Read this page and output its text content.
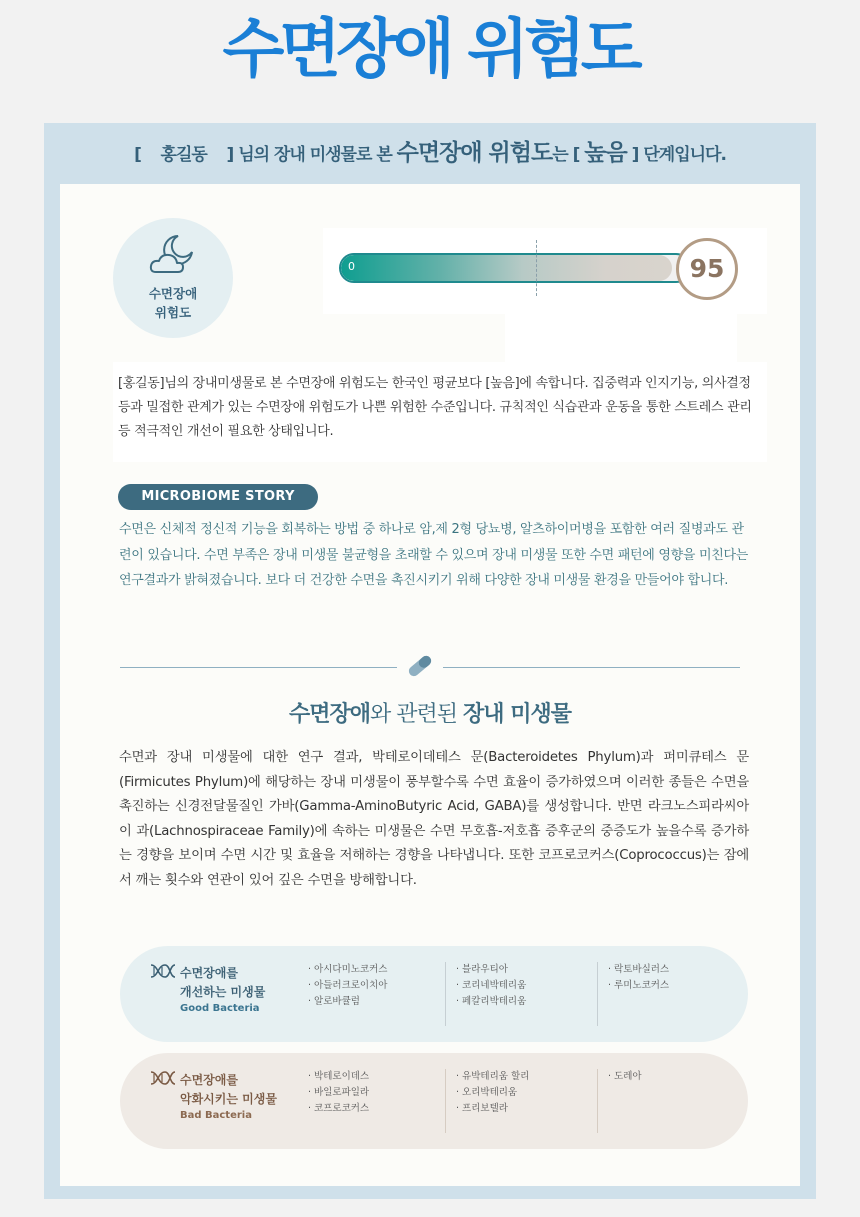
수면장애 위험도
[ 홍길동 ] 님의 장내 미생물로 본 수면장애 위험도는 [ 높음 ] 단계입니다.
수면장애
위험도
0	95
[홍길동]님의 장내미생물로 본 수면장애 위험도는 한국인 평균보다 [높음]에 속합니다. 집중력과 인지기능, 의사결정 등과 밀접한 관계가 있는 수면장애 위험도가 나쁜 위험한 수준입니다. 규칙적인 식습관과 운동을 통한 스트레스 관리 등 적극적인 개선이 필요한 상태입니다.
MICROBIOME STORY
수면은 신체적 정신적 기능을 회복하는 방법 중 하나로 암,제 2형 당뇨병, 알츠하이머병을 포함한 여러 질병과도 관련이 있습니다. 수면 부족은 장내 미생물 불균형을 초래할 수 있으며 장내 미생물 또한 수면 패턴에 영향을 미친다는 연구결과가 밝혀졌습니다. 보다 더 건강한 수면을 촉진시키기 위해 다양한 장내 미생물 환경을 만들어야 합니다.
수면장애와 관련된 장내 미생물
수면과 장내 미생물에 대한 연구 결과, 박테로이데테스 문(Bacteroidetes Phylum)과 퍼미큐테스 문(Firmicutes Phylum)에 해당하는 장내 미생물이 풍부할수록 수면 효율이 증가하였으며 이러한 종들은 수면을 촉진하는 신경전달물질인 가바(Gamma-AminoButyric Acid, GABA)를 생성합니다. 반면 라크노스피라씨아이 과(Lachnospiraceae Family)에 속하는 미생물은 수면 무호흡-저호흡 증후군의 중증도가 높을수록 증가하는 경향을 보이며 수면 시간 및 효율을 저해하는 경향을 나타냅니다. 또한 코프로코커스(Coprococcus)는 잠에서 깨는 횟수와 연관이 있어 깊은 수면을 방해합니다.
수면장애를
개선하는 미생물
Good Bacteria
· 아시다미노코커스
· 아들러크로이치아
· 알로바큘럼
· 블라우티아
· 코리네박테리움
· 페칼리박테리움
· 락토바실러스
· 루미노코커스
수면장애를
악화시키는 미생물
Bad Bacteria
· 박테로이데스
· 바일로파일라
· 코프로코커스
· 유박테리움 할리
· 오리박테리움
· 프리보텔라
· 도레아
